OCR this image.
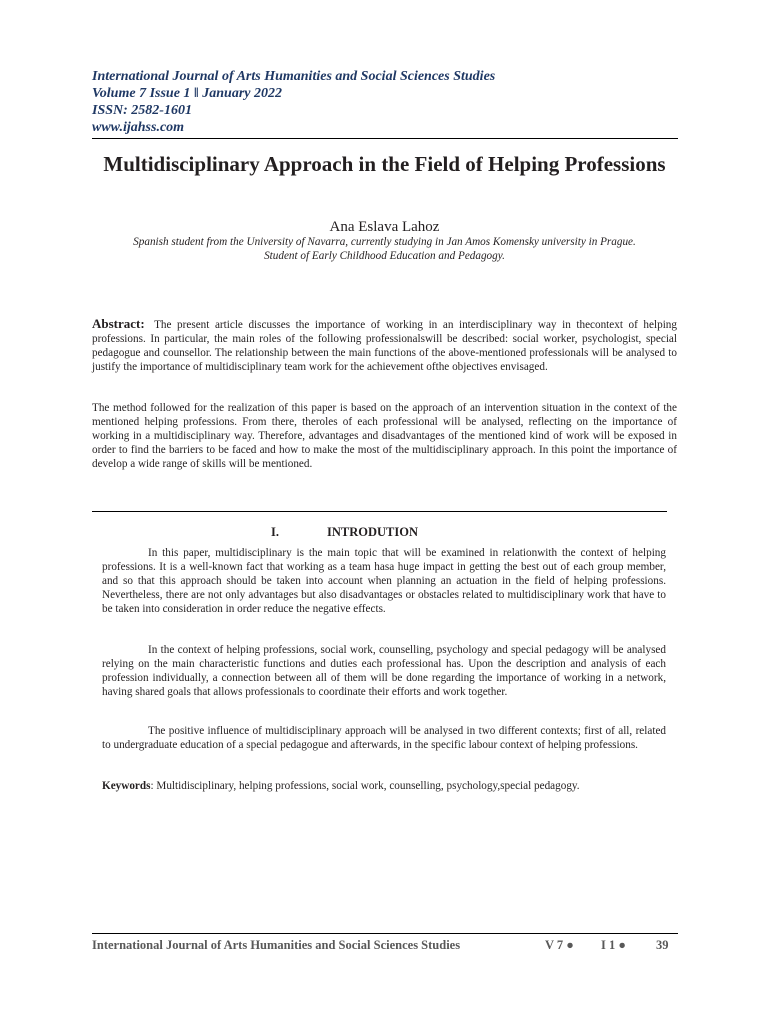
International Journal of Arts Humanities and Social Sciences Studies
Volume 7 Issue 1 ‖ January 2022
ISSN: 2582-1601
www.ijahss.com
Multidisciplinary Approach in the Field of Helping Professions
Ana Eslava Lahoz
Spanish student from the University of Navarra, currently studying in Jan Amos Komensky university in Prague.
Student of Early Childhood Education and Pedagogy.
Abstract: The present article discusses the importance of working in an interdisciplinary way in thecontext of helping professions. In particular, the main roles of the following professionalswill be described: social worker, psychologist, special pedagogue and counsellor. The relationship between the main functions of the above-mentioned professionals will be analysed to justify the importance of multidisciplinary team work for the achievement ofthe objectives envisaged.
The method followed for the realization of this paper is based on the approach of an intervention situation in the context of the mentioned helping professions. From there, theroles of each professional will be analysed, reflecting on the importance of working in a multidisciplinary way. Therefore, advantages and disadvantages of the mentioned kind of work will be exposed in order to find the barriers to be faced and how to make the most of the multidisciplinary approach. In this point the importance of develop a wide range of skills will be mentioned.
I.	INTRODUTION
In this paper, multidisciplinary is the main topic that will be examined in relationwith the context of helping professions. It is a well-known fact that working as a team hasa huge impact in getting the best out of each group member, and so that this approach should be taken into account when planning an actuation in the field of helping professions. Nevertheless, there are not only advantages but also disadvantages or obstacles related to multidisciplinary work that have to be taken into consideration in order reduce the negative effects.
In the context of helping professions, social work, counselling, psychology and special pedagogy will be analysed relying on the main characteristic functions and duties each professional has. Upon the description and analysis of each profession individually, a connection between all of them will be done regarding the importance of working in a network, having shared goals that allows professionals to coordinate their efforts and work together.
The positive influence of multidisciplinary approach will be analysed in two different contexts; first of all, related to undergraduate education of a special pedagogue and afterwards, in the specific labour context of helping professions.
Keywords: Multidisciplinary, helping professions, social work, counselling, psychology,special pedagogy.
International Journal of Arts Humanities and Social Sciences Studies	V 7 ● I 1 ● 39
